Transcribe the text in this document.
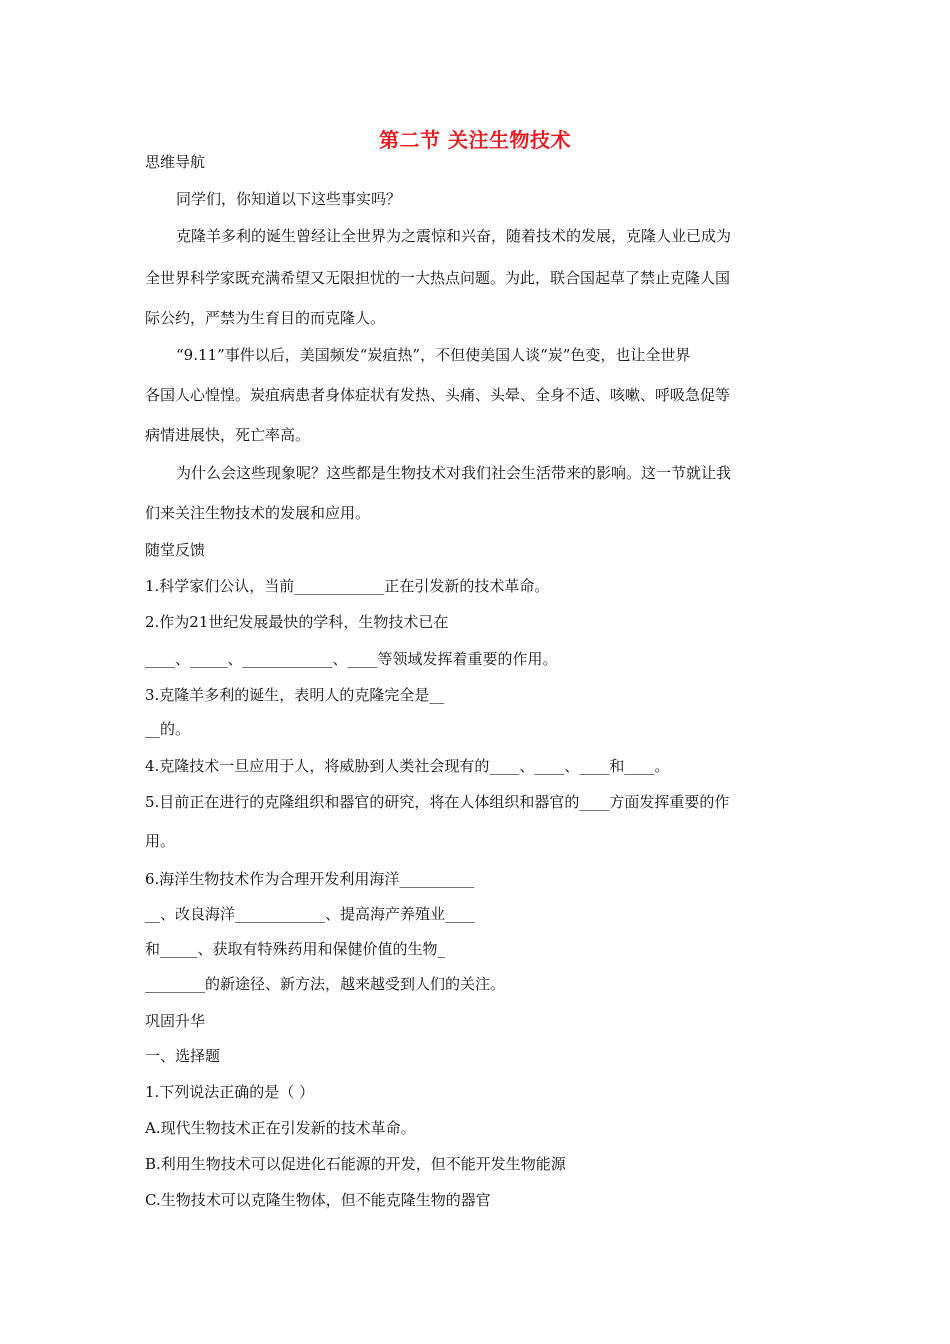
第二节 关注生物技术
思维导航
同学们，你知道以下这些事实吗？
克隆羊多利的诞生曾经让全世界为之震惊和兴奋，随着技术的发展，克隆人业已成为
全世界科学家既充满希望又无限担忧的一大热点问题。为此，联合国起草了禁止克隆人国
际公约，严禁为生育目的而克隆人。
“9.11”事件以后，美国频发“炭疽热”，不但使美国人谈“炭”色变，也让全世界
各国人心惶惶。炭疽病患者身体症状有发热、头痛、头晕、全身不适、咳嗽、呼吸急促等
病情进展快，死亡率高。
为什么会这些现象呢？这些都是生物技术对我们社会生活带来的影响。这一节就让我
们来关注生物技术的发展和应用。
随堂反馈
1.科学家们公认，当前____________正在引发新的技术革命。
2.作为21世纪发展最快的学科，生物技术已在
____、_____、____________、____等领域发挥着重要的作用。
3.克隆羊多利的诞生，表明人的克隆完全是__
__的。
4.克隆技术一旦应用于人，将威胁到人类社会现有的____、____、____和____。
5.目前正在进行的克隆组织和器官的研究，将在人体组织和器官的____方面发挥重要的作
用。
6.海洋生物技术作为合理开发利用海洋__________
__、改良海洋____________、提高海产养殖业____
和_____、获取有特殊药用和保健价值的生物_
________的新途径、新方法，越来越受到人们的关注。
巩固升华
一、选择题
1.下列说法正确的是（ ）
A.现代生物技术正在引发新的技术革命。
B.利用生物技术可以促进化石能源的开发，但不能开发生物能源
C.生物技术可以克隆生物体，但不能克隆生物的器官
